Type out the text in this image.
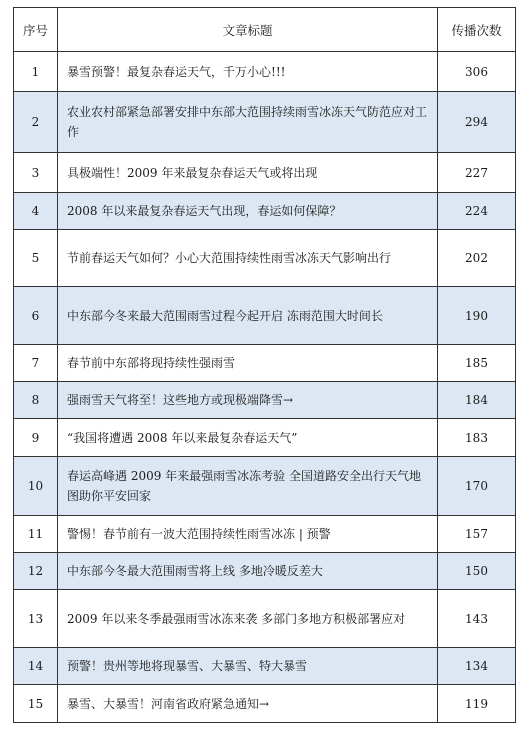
序号	文章标题	传播次数
1	暴雪预警！最复杂春运天气，千万小心!!!	306
2	农业农村部紧急部署安排中东部大范围持续雨雪冰冻天气防范应对工作	294
3	具极端性！2009 年来最复杂春运天气或将出现	227
4	2008 年以来最复杂春运天气出现，春运如何保障？	224
5	节前春运天气如何？小心大范围持续性雨雪冰冻天气影响出行	202
6	中东部今冬来最大范围雨雪过程今起开启 冻雨范围大时间长	190
7	春节前中东部将现持续性强雨雪	185
8	强雨雪天气将至！这些地方或现极端降雪→	184
9	“我国将遭遇 2008 年以来最复杂春运天气”	183
10	春运高峰遇 2009 年来最强雨雪冰冻考验 全国道路安全出行天气地图助你平安回家	170
11	警惕！春节前有一波大范围持续性雨雪冰冻 | 预警	157
12	中东部今冬最大范围雨雪将上线 多地冷暖反差大	150
13	2009 年以来冬季最强雨雪冰冻来袭 多部门多地方积极部署应对	143
14	预警！贵州等地将现暴雪、大暴雪、特大暴雪	134
15	暴雪、大暴雪！河南省政府紧急通知→	119
